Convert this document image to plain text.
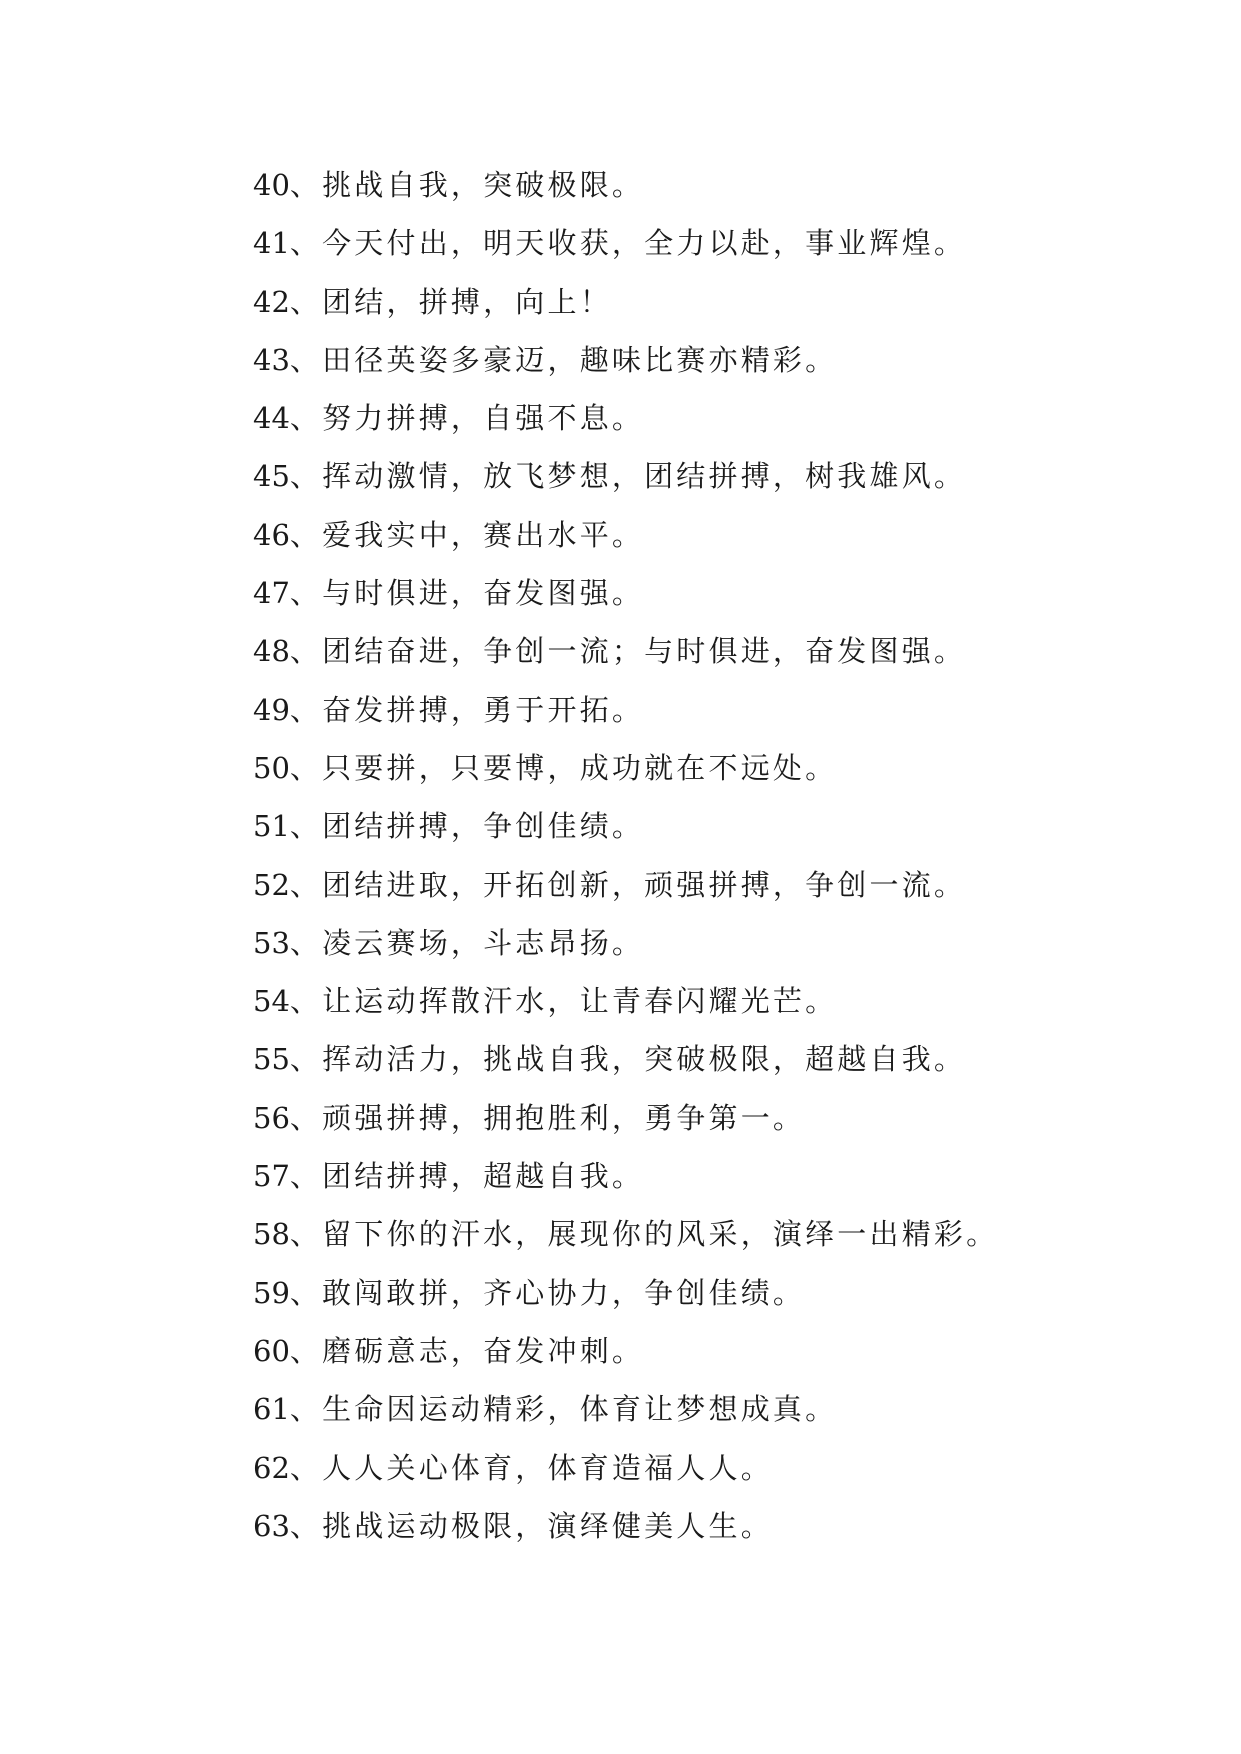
40、挑战自我，突破极限。
41、今天付出，明天收获，全力以赴，事业辉煌。
42、团结，拼搏，向上！
43、田径英姿多豪迈，趣味比赛亦精彩。
44、努力拼搏，自强不息。
45、挥动激情，放飞梦想，团结拼搏，树我雄风。
46、爱我实中，赛出水平。
47、与时俱进，奋发图强。
48、团结奋进，争创一流；与时俱进，奋发图强。
49、奋发拼搏，勇于开拓。
50、只要拼，只要博，成功就在不远处。
51、团结拼搏，争创佳绩。
52、团结进取，开拓创新，顽强拼搏，争创一流。
53、凌云赛场，斗志昂扬。
54、让运动挥散汗水，让青春闪耀光芒。
55、挥动活力，挑战自我，突破极限，超越自我。
56、顽强拼搏，拥抱胜利，勇争第一。
57、团结拼搏，超越自我。
58、留下你的汗水，展现你的风采，演绎一出精彩。
59、敢闯敢拼，齐心协力，争创佳绩。
60、磨砺意志，奋发冲刺。
61、生命因运动精彩，体育让梦想成真。
62、人人关心体育，体育造福人人。
63、挑战运动极限，演绎健美人生。
